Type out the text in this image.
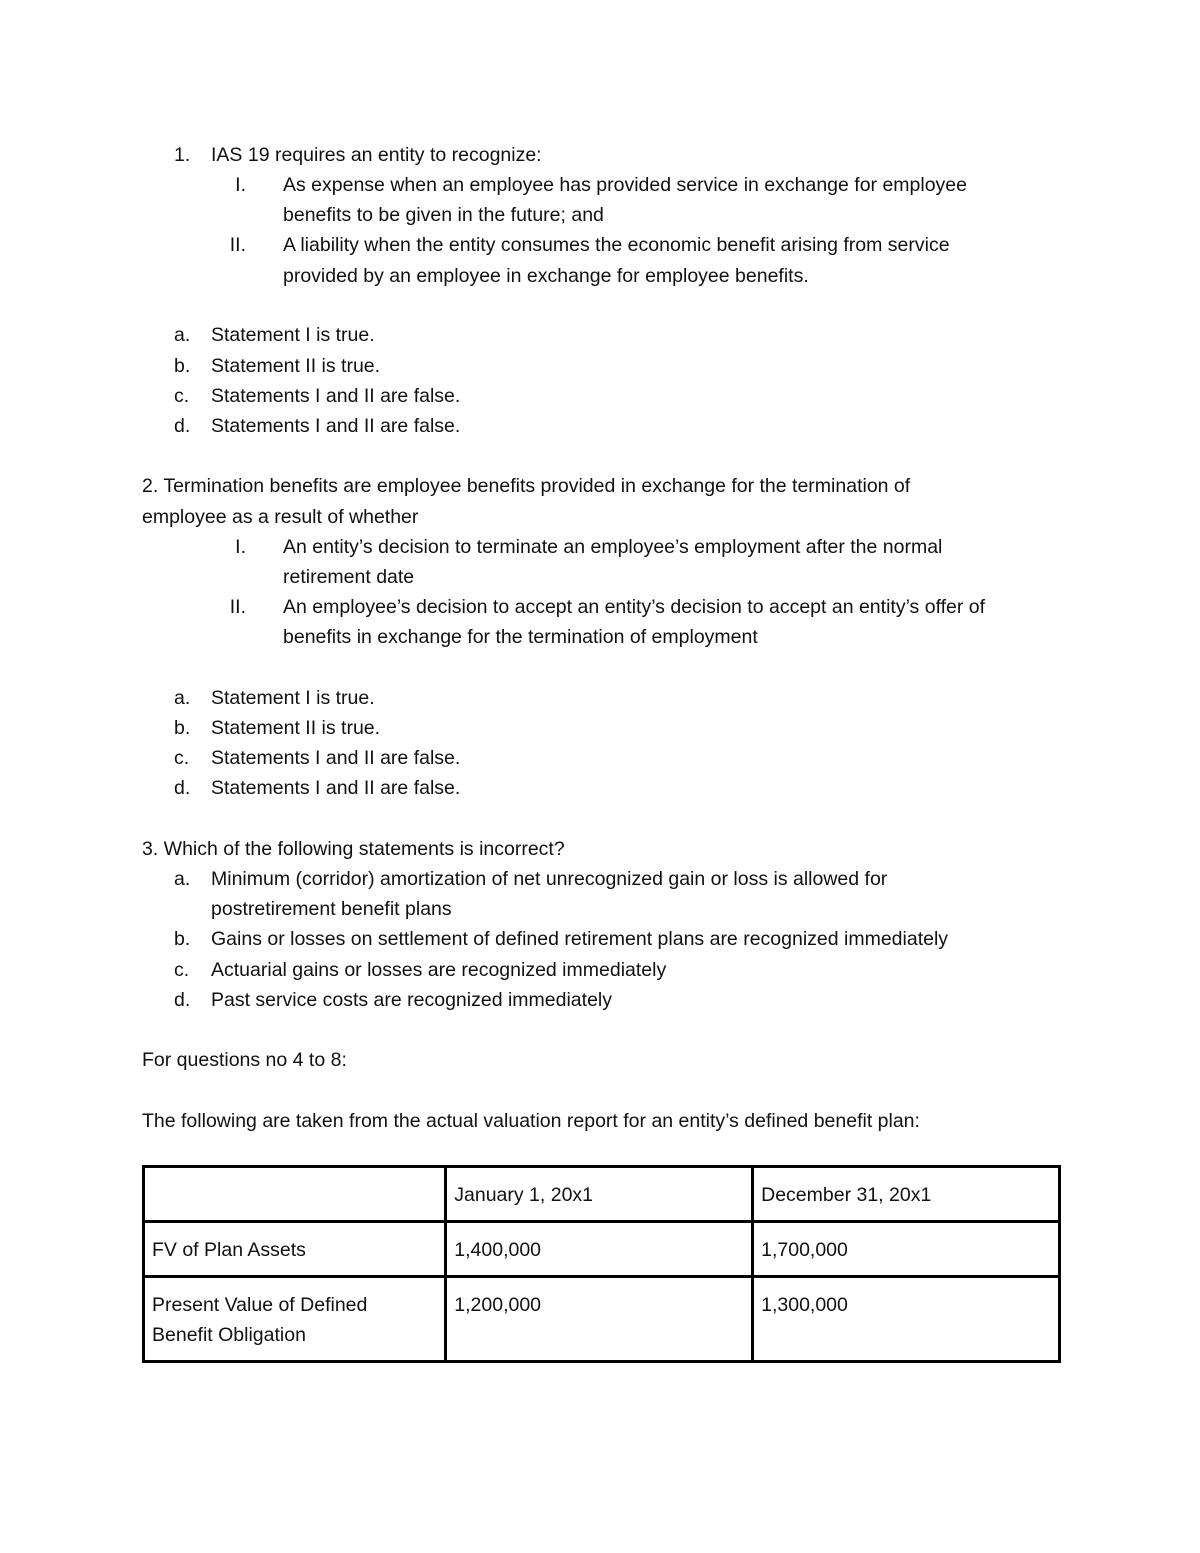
1. IAS 19 requires an entity to recognize:
I. As expense when an employee has provided service in exchange for employee
benefits to be given in the future; and
II. A liability when the entity consumes the economic benefit arising from service
provided by an employee in exchange for employee benefits.
a. Statement I is true.
b. Statement II is true.
c. Statements I and II are false.
d. Statements I and II are false.
2. Termination benefits are employee benefits provided in exchange for the termination of
employee as a result of whether
I. An entity’s decision to terminate an employee’s employment after the normal
retirement date
II. An employee’s decision to accept an entity’s decision to accept an entity’s offer of
benefits in exchange for the termination of employment
a. Statement I is true.
b. Statement II is true.
c. Statements I and II are false.
d. Statements I and II are false.
3. Which of the following statements is incorrect?
a. Minimum (corridor) amortization of net unrecognized gain or loss is allowed for
postretirement benefit plans
b. Gains or losses on settlement of defined retirement plans are recognized immediately
c. Actuarial gains or losses are recognized immediately
d. Past service costs are recognized immediately
For questions no 4 to 8:
The following are taken from the actual valuation report for an entity’s defined benefit plan:
	January 1, 20x1	December 31, 20x1
FV of Plan Assets	1,400,000	1,700,000

Present Value of Defined
Benefit Obligation	1,200,000	1,300,000
